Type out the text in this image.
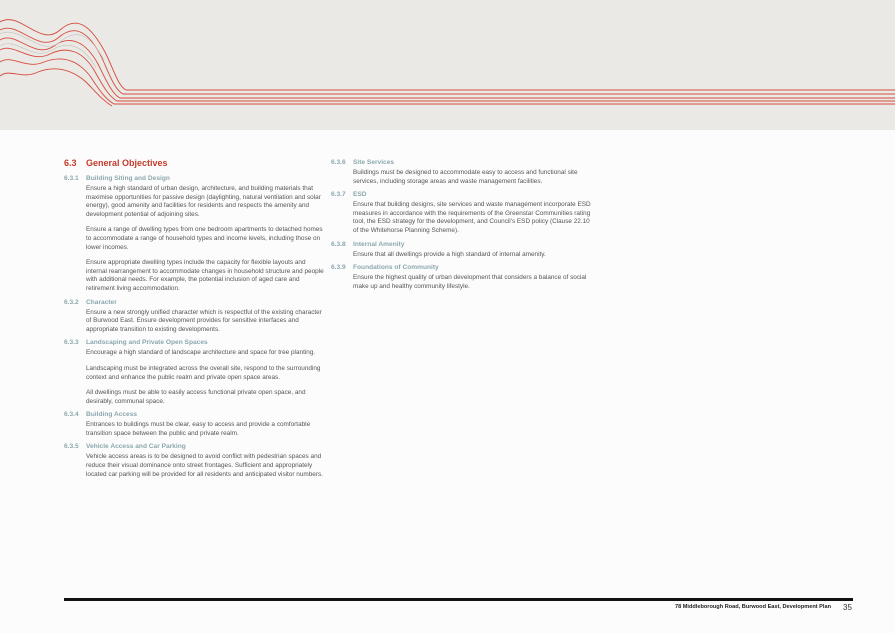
6.3	General Objectives
6.3.1	Building Siting and Design

Ensure a high standard of urban design, architecture, and building materials that maximise opportunities for passive design (daylighting, natural ventilation and solar energy), good amenity and facilities for residents and respects the amenity and development potential of adjoining sites.

Ensure a range of dwelling types from one bedroom apartments to detached homes to accommodate a range of household types and income levels, including those on lower incomes.

Ensure appropriate dwelling types include the capacity for flexible layouts and internal rearrangement to accommodate changes in household structure and people with additional needs. For example, the potential inclusion of aged care and retirement living accommodation.

6.3.2	Character

Ensure a new strongly unified character which is respectful of the existing character of Burwood East. Ensure development provides for sensitive interfaces and appropriate transition to existing developments.

6.3.3	Landscaping and Private Open Spaces

Encourage a high standard of landscape architecture and space for tree planting.

Landscaping must be integrated across the overall site, respond to the surrounding context and enhance the public realm and private open space areas.

All dwellings must be able to easily access functional private open space, and desirably, communal space.

6.3.4	Building Access

Entrances to buildings must be clear, easy to access and provide a comfortable transition space between the public and private realm.

6.3.5	Vehicle Access and Car Parking

Vehicle access areas is to be designed to avoid conflict with pedestrian spaces and reduce their visual dominance onto street frontages. Sufficient and appropriately located car parking will be provided for all residents and anticipated visitor numbers.

6.3.6	Site Services

Buildings must be designed to accommodate easy to access and functional site services, including storage areas and waste management facilities.

6.3.7	ESD

Ensure that building designs, site services and waste management incorporate ESD measures in accordance with the requirements of the Greenstar Communities rating tool, the ESD strategy for the development, and Council's ESD policy (Clause 22.10 of the Whitehorse Planning Scheme).

6.3.8	Internal Amenity

Ensure that all dwellings provide a high standard of internal amenity.

6.3.9	Foundations of Community

Ensure the highest quality of urban development that considers a balance of social make up and healthy community lifestyle.

78 Middleborough Road, Burwood East, Development Plan 35
